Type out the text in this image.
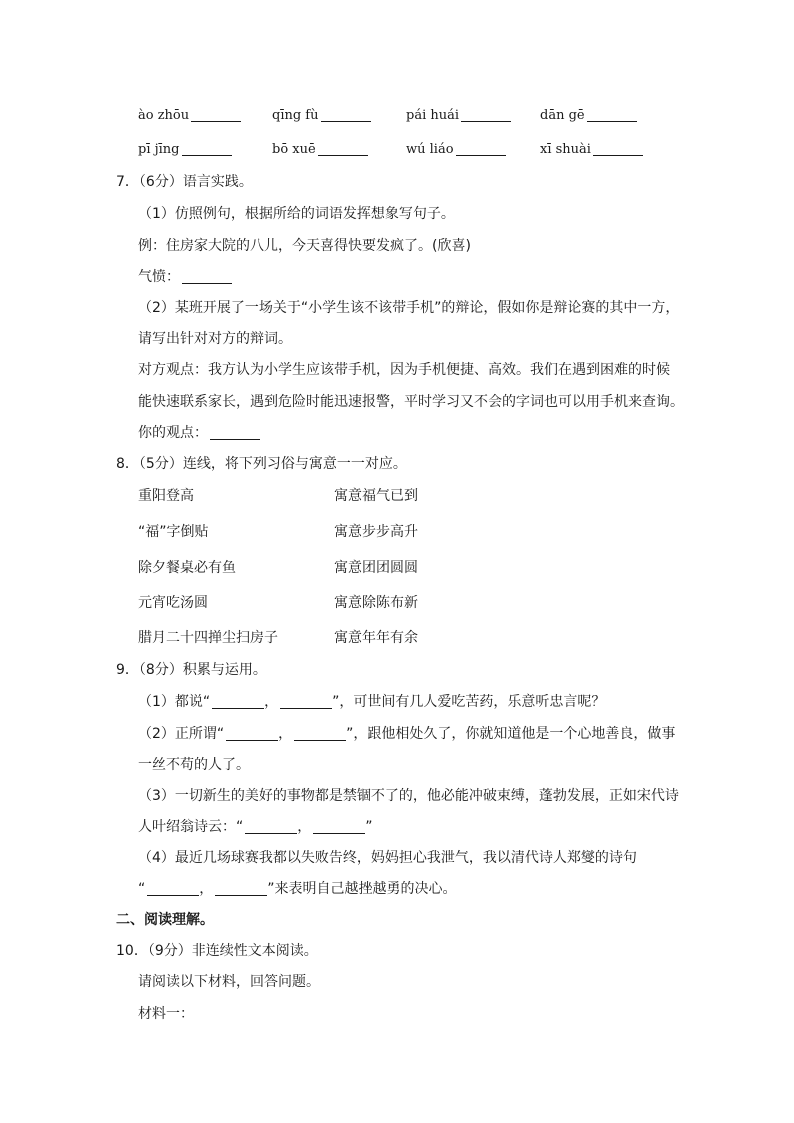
ào zhōu	qīng fù	pái huái	dān gē
pī jīng	bō xuē	wú liáo	xī shuài
7．（6分）语言实践。
（1）仿照例句，根据所给的词语发挥想象写句子。
例：住房家大院的八儿，今天喜得快要发疯了。(欣喜)
气愤：
（2）某班开展了一场关于“小学生该不该带手机”的辩论，假如你是辩论赛的其中一方，
请写出针对对方的辩词。
对方观点：我方认为小学生应该带手机，因为手机便捷、高效。我们在遇到困难的时候
能快速联系家长，遇到危险时能迅速报警，平时学习又不会的字词也可以用手机来查询。
你的观点：
8．（5分）连线，将下列习俗与寓意一一对应。
重阳登高	寓意福气已到
“福”字倒贴	寓意步步高升
除夕餐桌必有鱼	寓意团团圆圆
元宵吃汤圆	寓意除陈布新
腊月二十四掸尘扫房子	寓意年年有余
9．（8分）积累与运用。
（1）都说“	，	”，可世间有几人爱吃苦药，乐意听忠言呢？
（2）正所谓“	，	”，跟他相处久了，你就知道他是一个心地善良，做事
一丝不苟的人了。
（3）一切新生的美好的事物都是禁锢不了的，他必能冲破束缚，蓬勃发展，正如宋代诗
人叶绍翁诗云：“	，	”
（4）最近几场球赛我都以失败告终，妈妈担心我泄气，我以清代诗人郑燮的诗句
“	，	”来表明自己越挫越勇的决心。
二、阅读理解。
10．（9分）非连续性文本阅读。
请阅读以下材料，回答问题。
材料一：
